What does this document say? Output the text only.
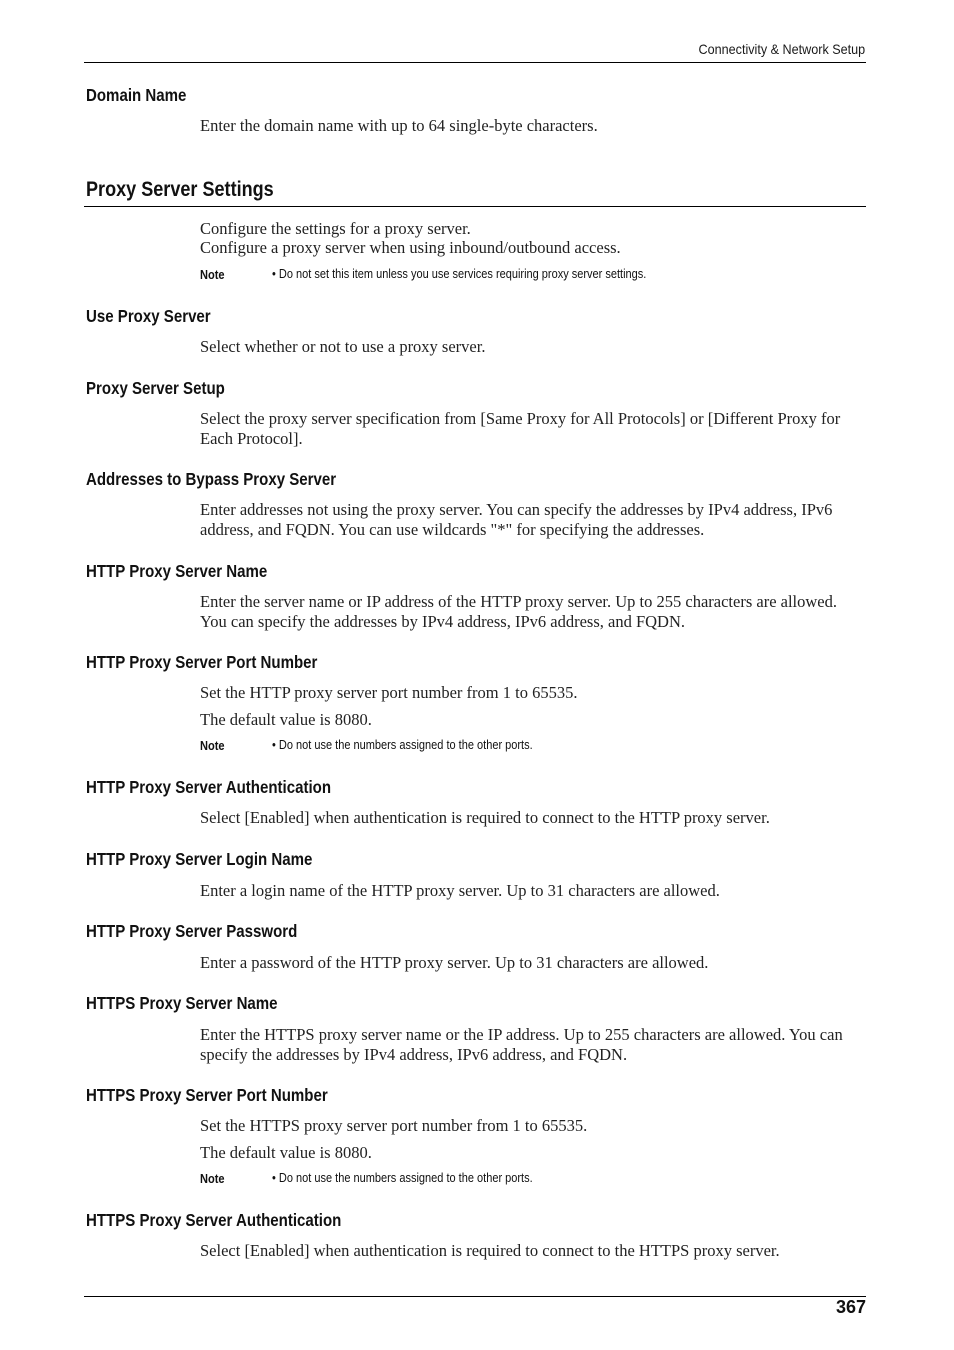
Connectivity & Network Setup
Domain Name

Enter the domain name with up to 64 single-byte characters.

Proxy Server Settings

Configure the settings for a proxy server.

Configure a proxy server when using inbound/outbound access.

Note	• Do not set this item unless you use services requiring proxy server settings.
Use Proxy Server

Select whether or not to use a proxy server.

Proxy Server Setup

Select the proxy server specification from [Same Proxy for All Protocols] or [Different Proxy for Each Protocol].

Addresses to Bypass Proxy Server

Enter addresses not using the proxy server. You can specify the addresses by IPv4 address, IPv6 address, and FQDN. You can use wildcards "*" for specifying the addresses.

HTTP Proxy Server Name

Enter the server name or IP address of the HTTP proxy server. Up to 255 characters are allowed. You can specify the addresses by IPv4 address, IPv6 address, and FQDN.

HTTP Proxy Server Port Number

Set the HTTP proxy server port number from 1 to 65535.

The default value is 8080.

Note	• Do not use the numbers assigned to the other ports.
HTTP Proxy Server Authentication

Select [Enabled] when authentication is required to connect to the HTTP proxy server.

HTTP Proxy Server Login Name

Enter a login name of the HTTP proxy server. Up to 31 characters are allowed.

HTTP Proxy Server Password

Enter a password of the HTTP proxy server. Up to 31 characters are allowed.

HTTPS Proxy Server Name

Enter the HTTPS proxy server name or the IP address. Up to 255 characters are allowed. You can specify the addresses by IPv4 address, IPv6 address, and FQDN.

HTTPS Proxy Server Port Number

Set the HTTPS proxy server port number from 1 to 65535.

The default value is 8080.

Note	• Do not use the numbers assigned to the other ports.
HTTPS Proxy Server Authentication

Select [Enabled] when authentication is required to connect to the HTTPS proxy server.

367
